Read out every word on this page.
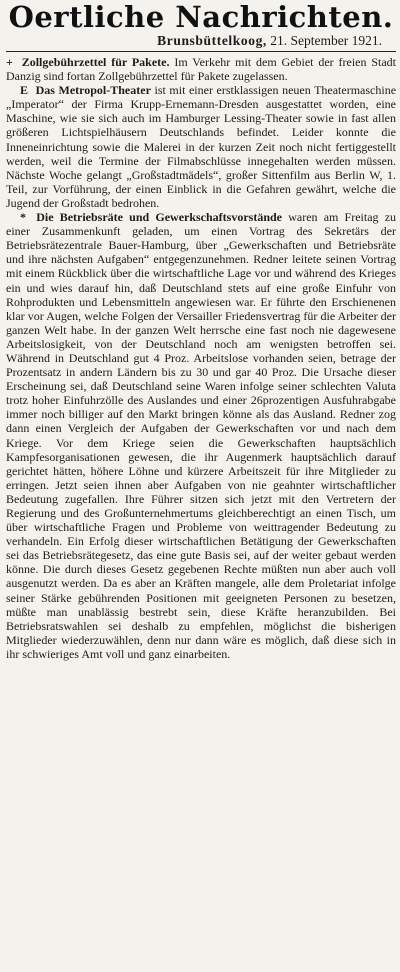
Oertliche Nachrichten.
Brunsbüttelkoog, 21. September 1921.

+ Zollgebührzettel für Pakete. Im Verkehr mit dem Gebiet der freien Stadt Danzig sind fortan Zollgebührzettel für Pakete zugelassen.

E Das Metropol-Theater ist mit einer erstklassigen neuen Theatermaschine „Imperator“ der Firma Krupp-Ernemann-Dresden ausgestattet worden, eine Maschine, wie sie sich auch im Hamburger Lessing-Theater sowie in fast allen größeren Lichtspielhäusern Deutschlands befindet. Leider konnte die Inneneinrichtung sowie die Malerei in der kurzen Zeit noch nicht fertiggestellt werden, weil die Termine der Filmabschlüsse innegehalten werden müssen. Nächste Woche gelangt „Großstadtmädels“, großer Sittenfilm aus Berlin W, 1. Teil, zur Vorführung, der einen Einblick in die Gefahren gewährt, welche die Jugend der Großstadt bedrohen.

* Die Betriebsräte und Gewerkschaftsvorstände waren am Freitag zu einer Zusammenkunft geladen, um einen Vortrag des Sekretärs der Betriebsrätezentrale Bauer-Hamburg, über „Gewerkschaften und Betriebsräte und ihre nächsten Aufgaben“ entgegenzunehmen. Redner leitete seinen Vortrag mit einem Rückblick über die wirtschaftliche Lage vor und während des Krieges ein und wies darauf hin, daß Deutschland stets auf eine große Einfuhr von Rohprodukten und Lebensmitteln angewiesen war. Er führte den Erschienenen klar vor Augen, welche Folgen der Versailler Friedensvertrag für die Arbeiter der ganzen Welt habe. In der ganzen Welt herrsche eine fast noch nie dagewesene Arbeitslosigkeit, von der Deutschland noch am wenigsten betroffen sei. Während in Deutschland gut 4 Proz. Arbeitslose vorhanden seien, betrage der Prozentsatz in andern Ländern bis zu 30 und gar 40 Proz. Die Ursache dieser Erscheinung sei, daß Deutschland seine Waren infolge seiner schlechten Valuta trotz hoher Einfuhrzölle des Auslandes und einer 26prozentigen Ausfuhrabgabe immer noch billiger auf den Markt bringen könne als das Ausland. Redner zog dann einen Vergleich der Aufgaben der Gewerkschaften vor und nach dem Kriege. Vor dem Kriege seien die Gewerkschaften hauptsächlich Kampfesorganisationen gewesen, die ihr Augenmerk hauptsächlich darauf gerichtet hätten, höhere Löhne und kürzere Arbeitszeit für ihre Mitglieder zu erringen. Jetzt seien ihnen aber Aufgaben von nie geahnter wirtschaftlicher Bedeutung zugefallen. Ihre Führer sitzen sich jetzt mit den Vertretern der Regierung und des Großunternehmertums gleichberechtigt an einen Tisch, um über wirtschaftliche Fragen und Probleme von weittragender Bedeutung zu verhandeln. Ein Erfolg dieser wirtschaftlichen Betätigung der Gewerkschaften sei das Betriebsrätegesetz, das eine gute Basis sei, auf der weiter gebaut werden könne. Die durch dieses Gesetz gegebenen Rechte müßten nun aber auch voll ausgenutzt werden. Da es aber an Kräften mangele, alle dem Proletariat infolge seiner Stärke gebührenden Positionen mit geeigneten Personen zu besetzen, müßte man unablässig bestrebt sein, diese Kräfte heranzubilden. Bei Betriebsratswahlen sei deshalb zu empfehlen, möglichst die bisherigen Mitglieder wiederzuwählen, denn nur dann wäre es möglich, daß diese sich in ihr schwieriges Amt voll und ganz einarbeiten.
